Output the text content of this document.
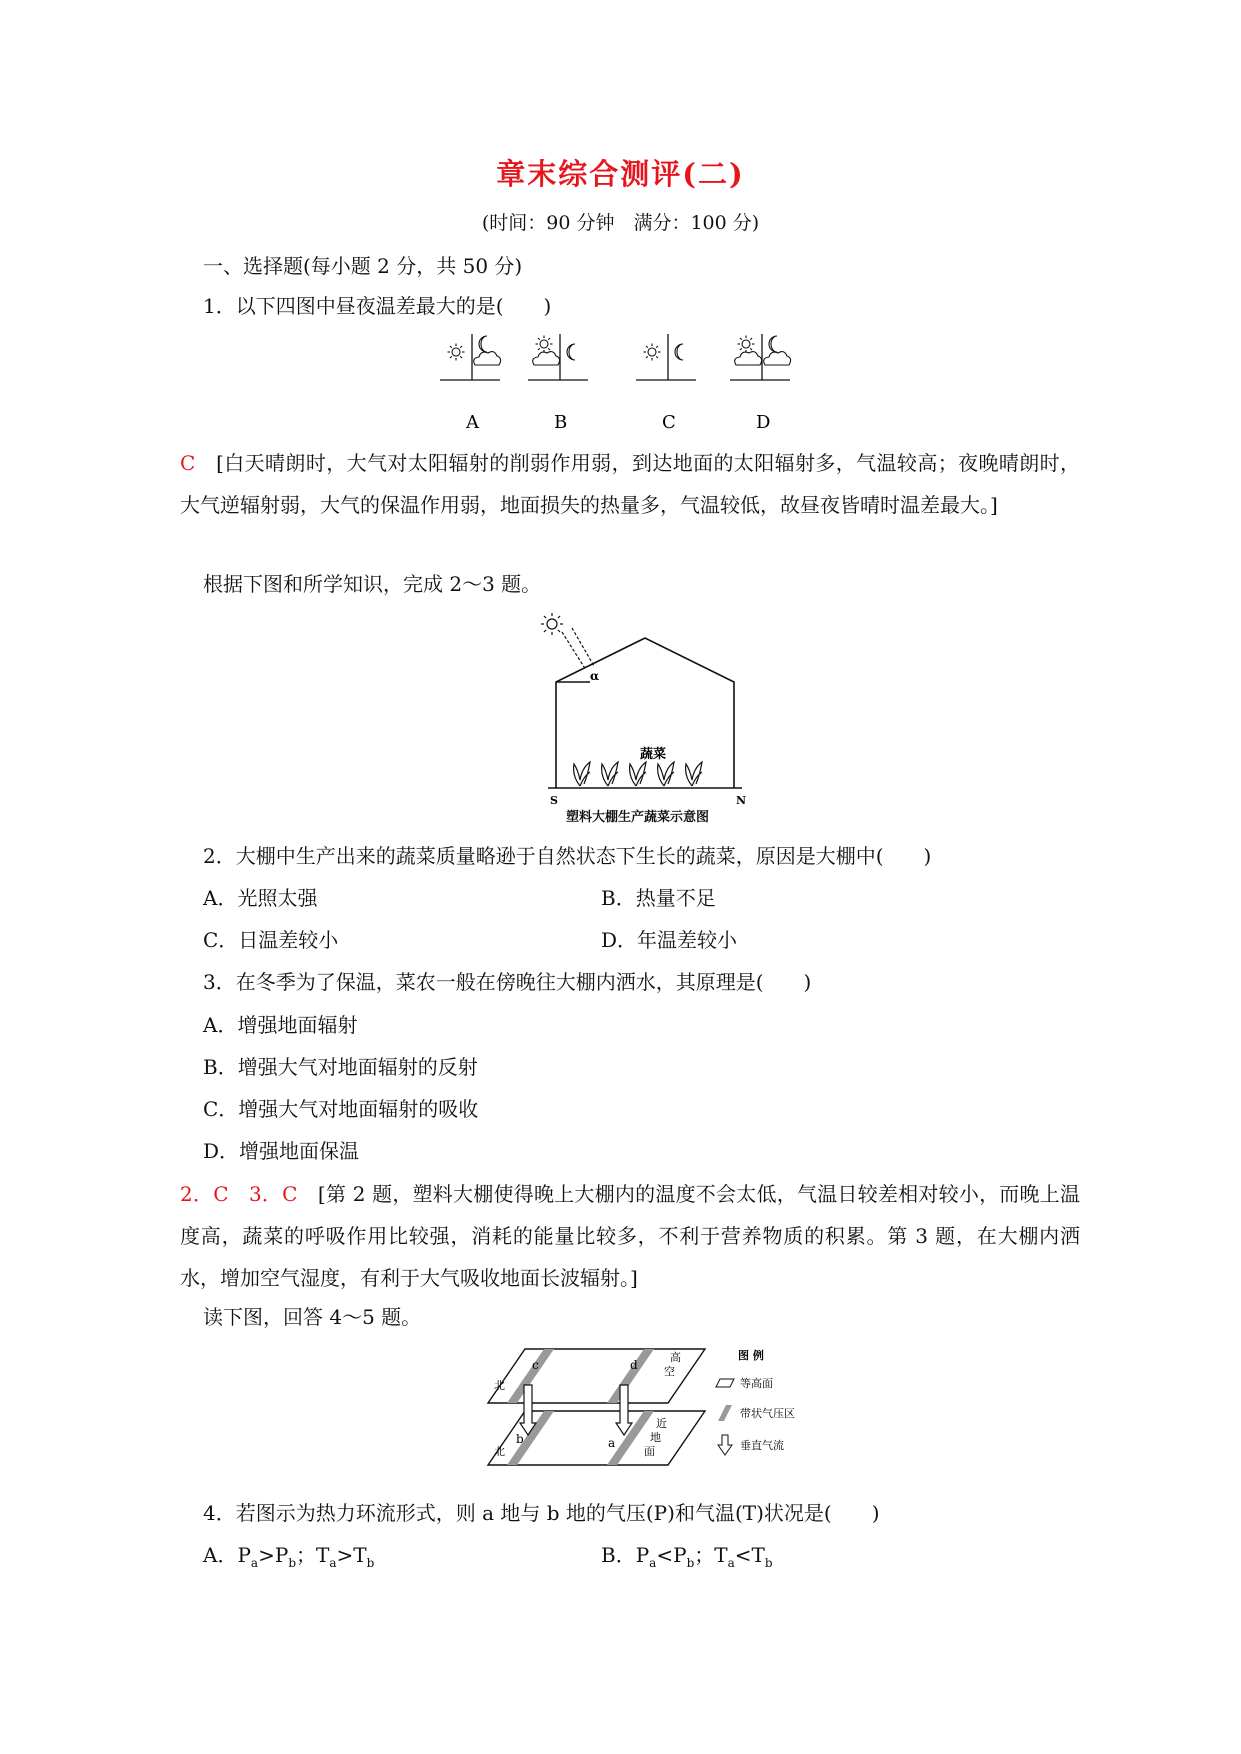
章末综合测评(二)
(时间：90 分钟　满分：100 分)
一、选择题(每小题 2 分，共 50 分)
1．以下四图中昼夜温差最大的是(　　)
A	B	C	D
C　 [白天晴朗时，大气对太阳辐射的削弱作用弱，到达地面的太阳辐射多，气温较高；夜晚晴朗时，大气逆辐射弱，大气的保温作用弱，地面损失的热量多，气温较低，故昼夜皆晴时温差最大。]
根据下图和所学知识，完成 2～3 题。
α
蔬菜
S	N
塑料大棚生产蔬菜示意图
2．大棚中生产出来的蔬菜质量略逊于自然状态下生长的蔬菜，原因是大棚中(　　)
A．光照太强	B．热量不足
C．日温差较小	D．年温差较小
3．在冬季为了保温，菜农一般在傍晚往大棚内洒水，其原理是(　　)
A．增强地面辐射
B．增强大气对地面辐射的反射
C．增强大气对地面辐射的吸收
D．增强地面保温
2．C　3．C　 [第 2 题，塑料大棚使得晚上大棚内的温度不会太低，气温日较差相对较小，而晚上温度高，蔬菜的呼吸作用比较强，消耗的能量比较多，不利于营养物质的积累。第 3 题，在大棚内洒水，增加空气湿度，有利于大气吸收地面长波辐射。]
读下图，回答 4～5 题。
c	d
b	a
北
北
高
空
近
地
面
图 例
等高面
带状气压区
垂直气流
4．若图示为热力环流形式，则 a 地与 b 地的气压(P)和气温(T)状况是(　　)
A．$P_a>P_b$；$T_a>T_b$	B．$P_a<P_b$；$T_a<T_b$
